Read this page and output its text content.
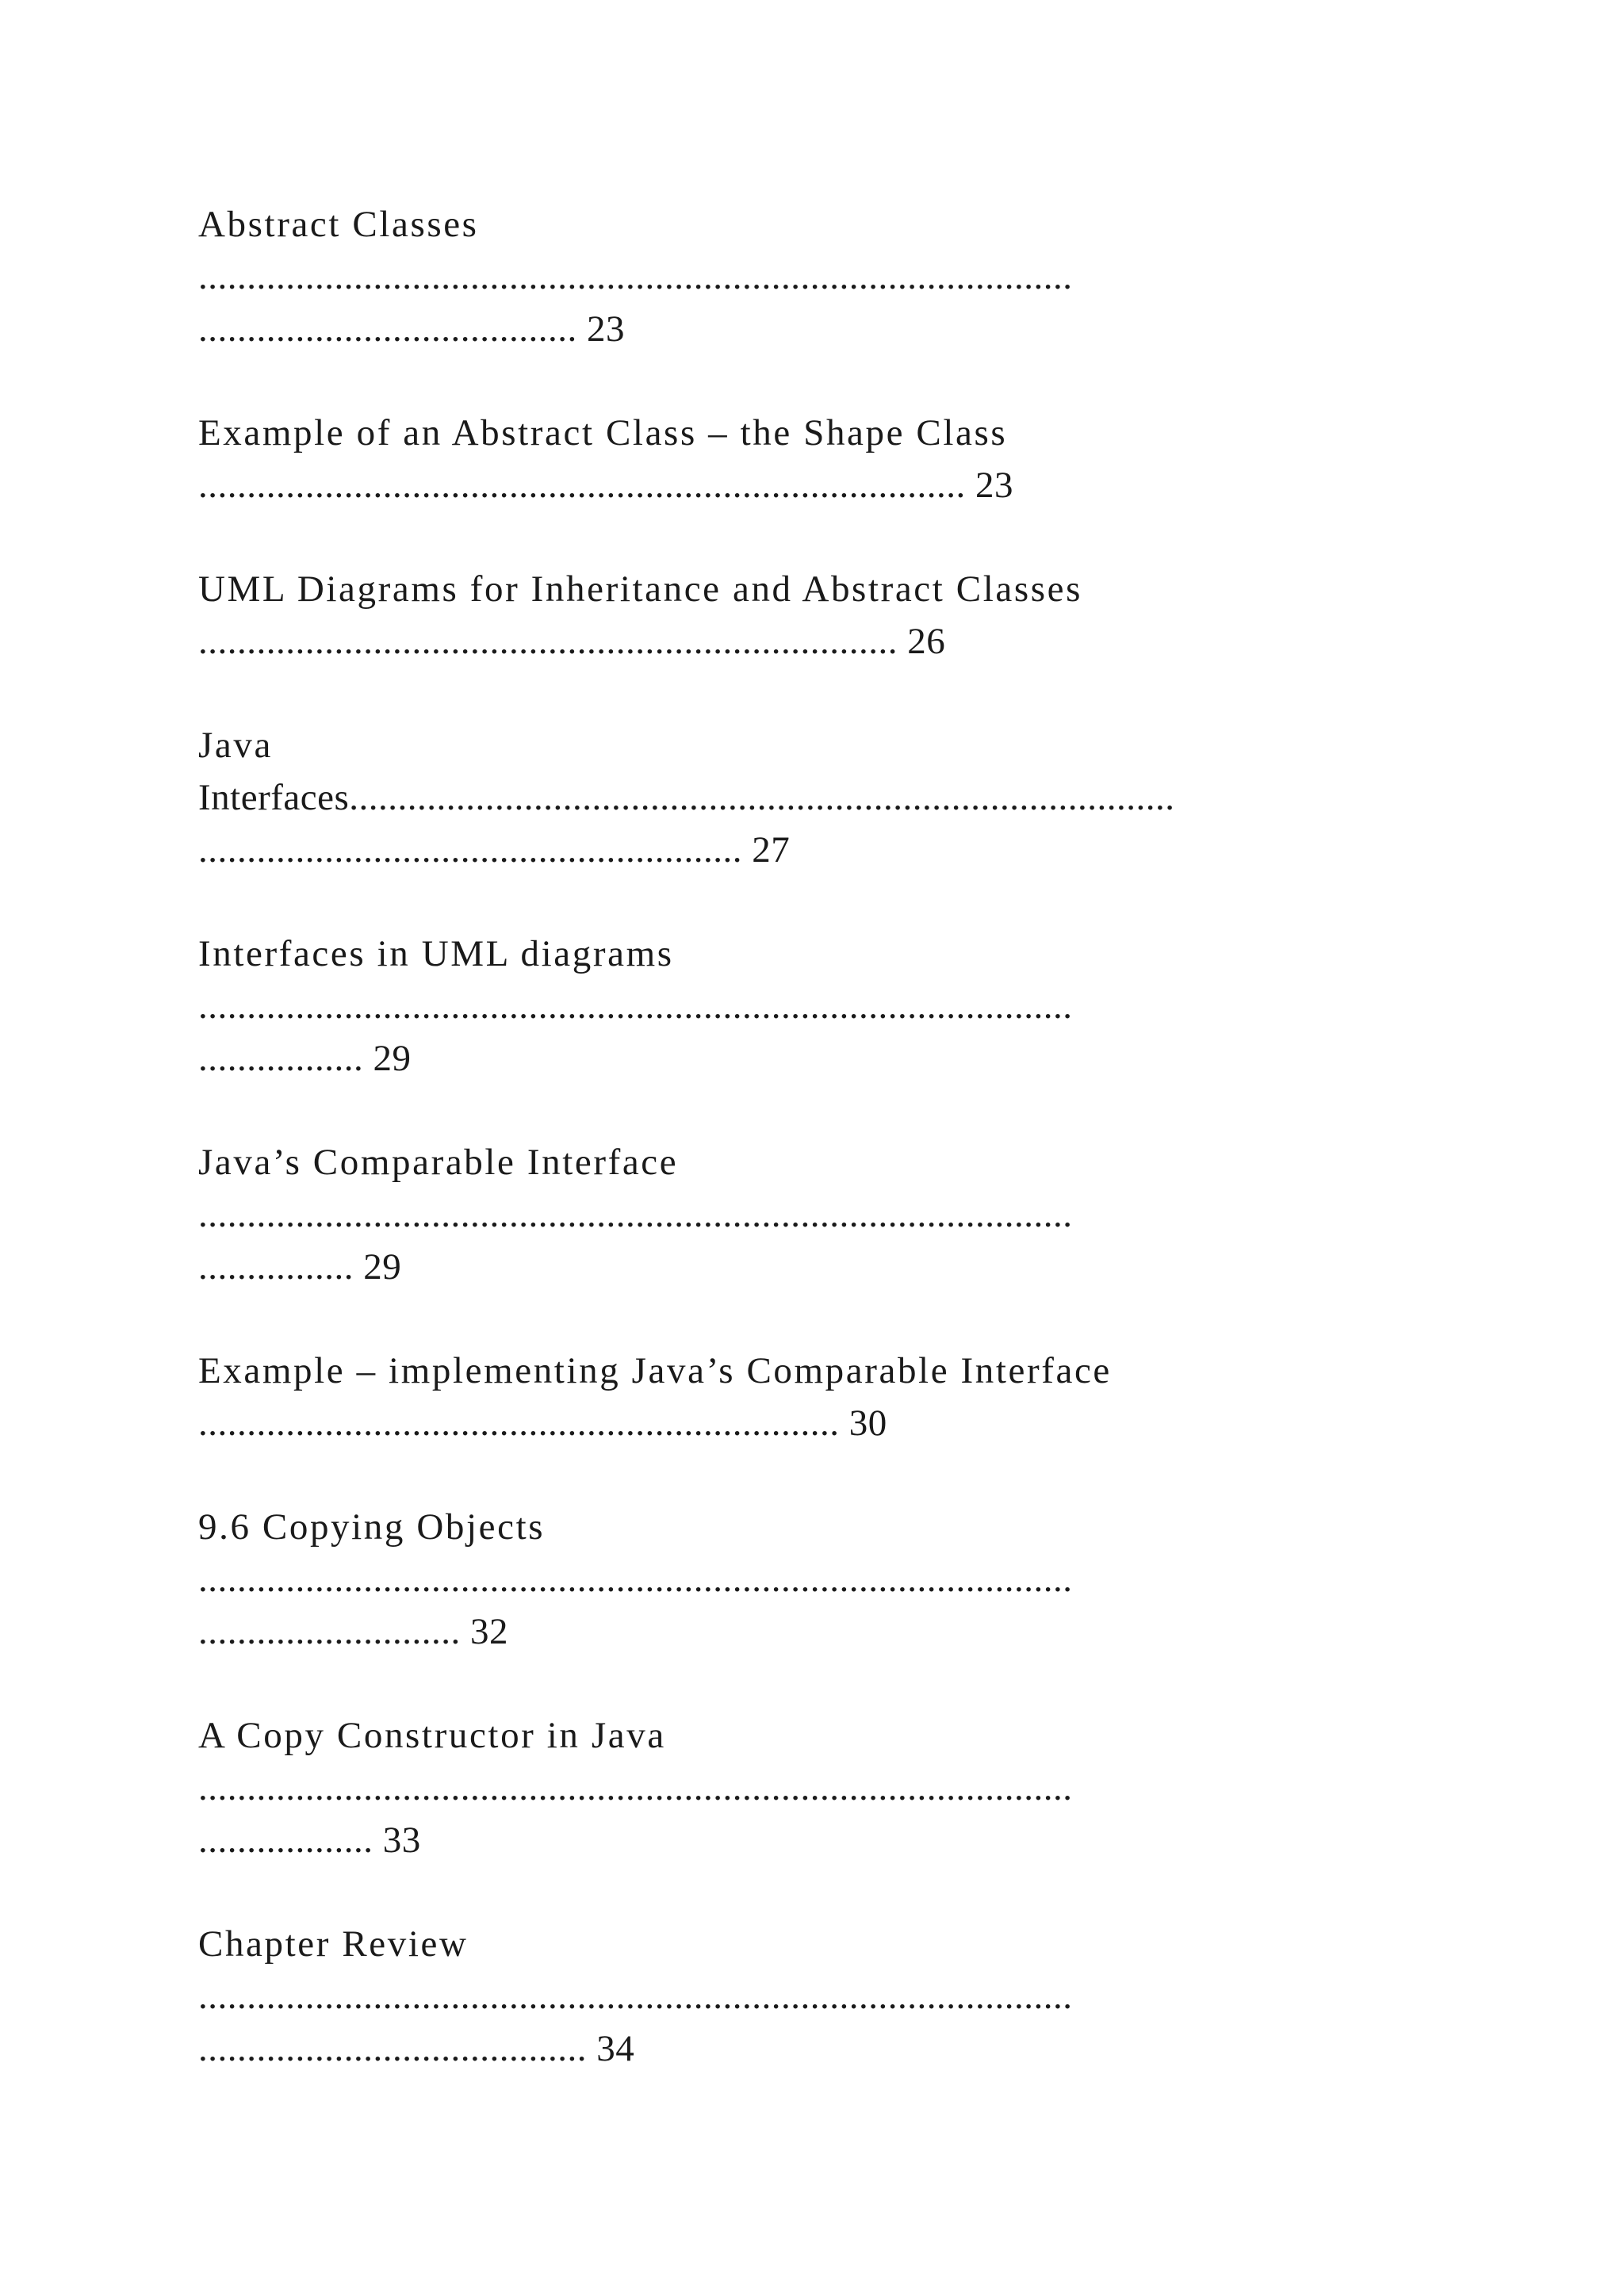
Abstract Classes
..........................................................................................
....................................... 23
Example of an Abstract Class – the Shape Class
............................................................................... 23
UML Diagrams for Inheritance and Abstract Classes
........................................................................ 26
Java
Interfaces.....................................................................................
........................................................ 27
Interfaces in UML diagrams
..........................................................................................
................. 29
Java’s Comparable Interface
..........................................................................................
................ 29
Example – implementing Java’s Comparable Interface
.................................................................. 30
9.6 Copying Objects
..........................................................................................
........................... 32
A Copy Constructor in Java
..........................................................................................
.................. 33
Chapter Review
..........................................................................................
........................................ 34
